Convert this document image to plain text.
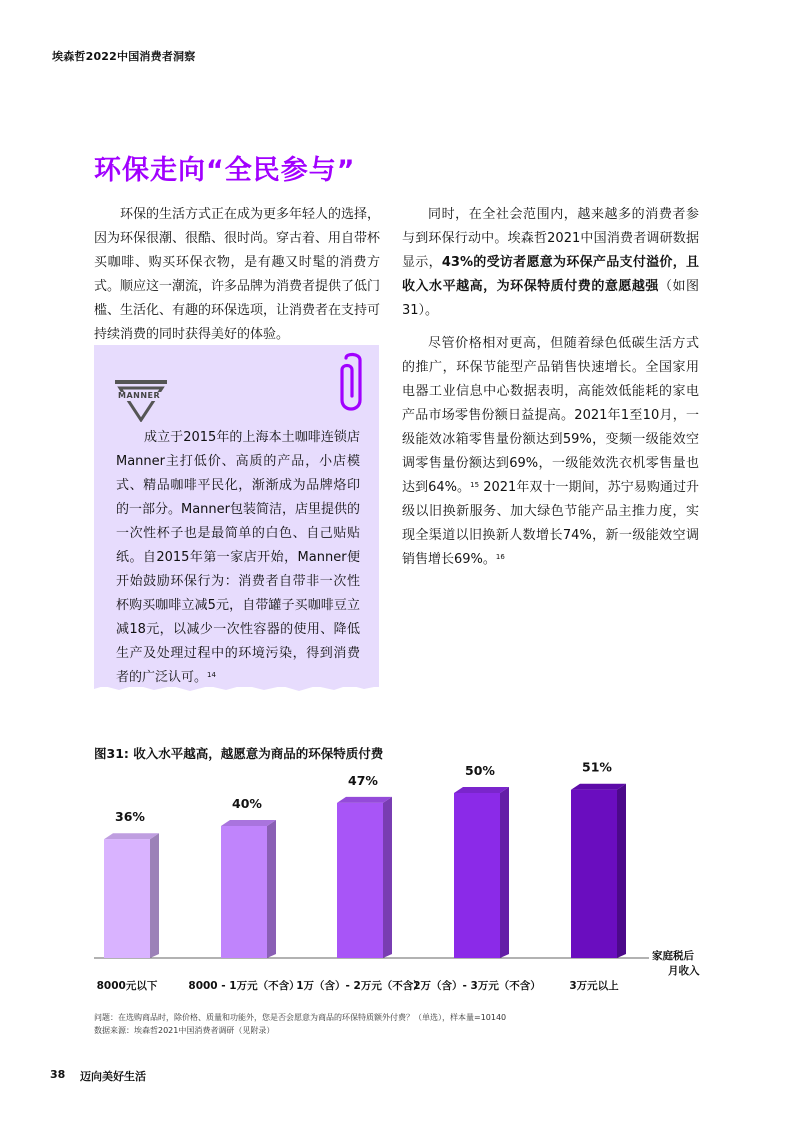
埃森哲2022中国消费者洞察
环保走向“全民参与”

环保的生活方式正在成为更多年轻人的选择，因为环保很潮、很酷、很时尚。穿古着、用自带杯买咖啡、购买环保衣物，是有趣又时髦的消费方式。顺应这一潮流，许多品牌为消费者提供了低门槛、生活化、有趣的环保选项，让消费者在支持可持续消费的同时获得美好的体验。

MANNER

成立于2015年的上海本土咖啡连锁店Manner主打低价、高质的产品，小店模式、精品咖啡平民化，渐渐成为品牌烙印的一部分。Manner包装简洁，店里提供的一次性杯子也是最简单的白色、自己贴贴纸。自2015年第一家店开始，Manner便开始鼓励环保行为：消费者自带非一次性杯购买咖啡立减5元，自带罐子买咖啡豆立减18元，以减少一次性容器的使用、降低生产及处理过程中的环境污染，得到消费者的广泛认可。$^{14}$

同时，在全社会范围内，越来越多的消费者参与到环保行动中。埃森哲2021中国消费者调研数据显示，43%的受访者愿意为环保产品支付溢价，且收入水平越高，为环保特质付费的意愿越强（如图31）。

尽管价格相对更高，但随着绿色低碳生活方式的推广，环保节能型产品销售快速增长。全国家用电器工业信息中心数据表明，高能效低能耗的家电产品市场零售份额日益提高。2021年1至10月，一级能效冰箱零售量份额达到59%，变频一级能效空调零售量份额达到69%，一级能效洗衣机零售量也达到64%。$^{15}$ 2021年双十一期间，苏宁易购通过升级以旧换新服务、加大绿色节能产品主推力度，实现全渠道以旧换新人数增长74%，新一级能效空调销售增长69%。$^{16}$

图31: 收入水平越高，越愿意为商品的环保特质付费
36%
8000元以下
40%
8000 - 1万元（不含）
47%
1万（含）- 2万元（不含）
50%
2万（含）- 3万元（不含）
51%
3万元以上
家庭税后
月收入
问题：在选购商品时，除价格、质量和功能外，您是否会愿意为商品的环保特质额外付费？（单选），样本量=10140
数据来源：埃森哲2021中国消费者调研（见附录）
38 迈向美好生活
